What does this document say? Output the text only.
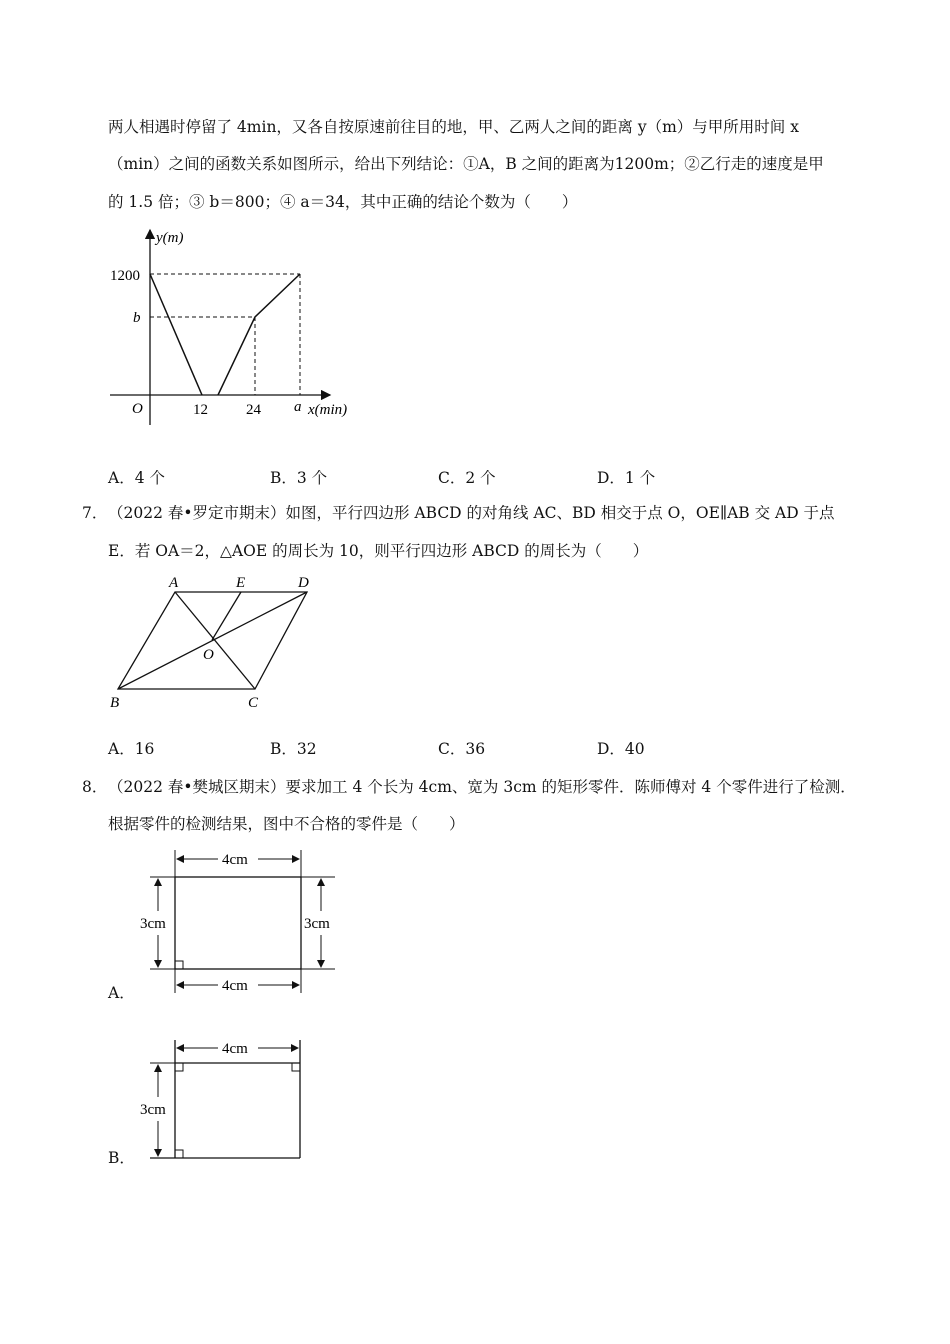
两人相遇时停留了 4min，又各自按原速前往目的地，甲、乙两人之间的距离 y（m）与甲所用时间 x
（min）之间的函数关系如图所示，给出下列结论：①A，B 之间的距离为1200m；②乙行走的速度是甲
的 1.5 倍；③ b＝800；④ a＝34，其中正确的结论个数为（　　）
y(m)
x(min)
O
1200
b
12	24 a
A．4 个	B．3 个	C．2 个	D．1 个
7． （2022 春•罗定市期末）如图，平行四边形 ABCD 的对角线 AC、BD 相交于点 O，OE∥AB 交 AD 于点
E．若 OA＝2，△AOE 的周长为 10，则平行四边形 ABCD 的周长为（　　）
A	E	D
O
B	C
A．16	B．32	C．36	D．40
8． （2022 春•樊城区期末）要求加工 4 个长为 4cm、宽为 3cm 的矩形零件．陈师傅对 4 个零件进行了检测．
根据零件的检测结果，图中不合格的零件是（　　）
4cm
4cm
3cm	3cm
A．
4cm
3cm
B．
